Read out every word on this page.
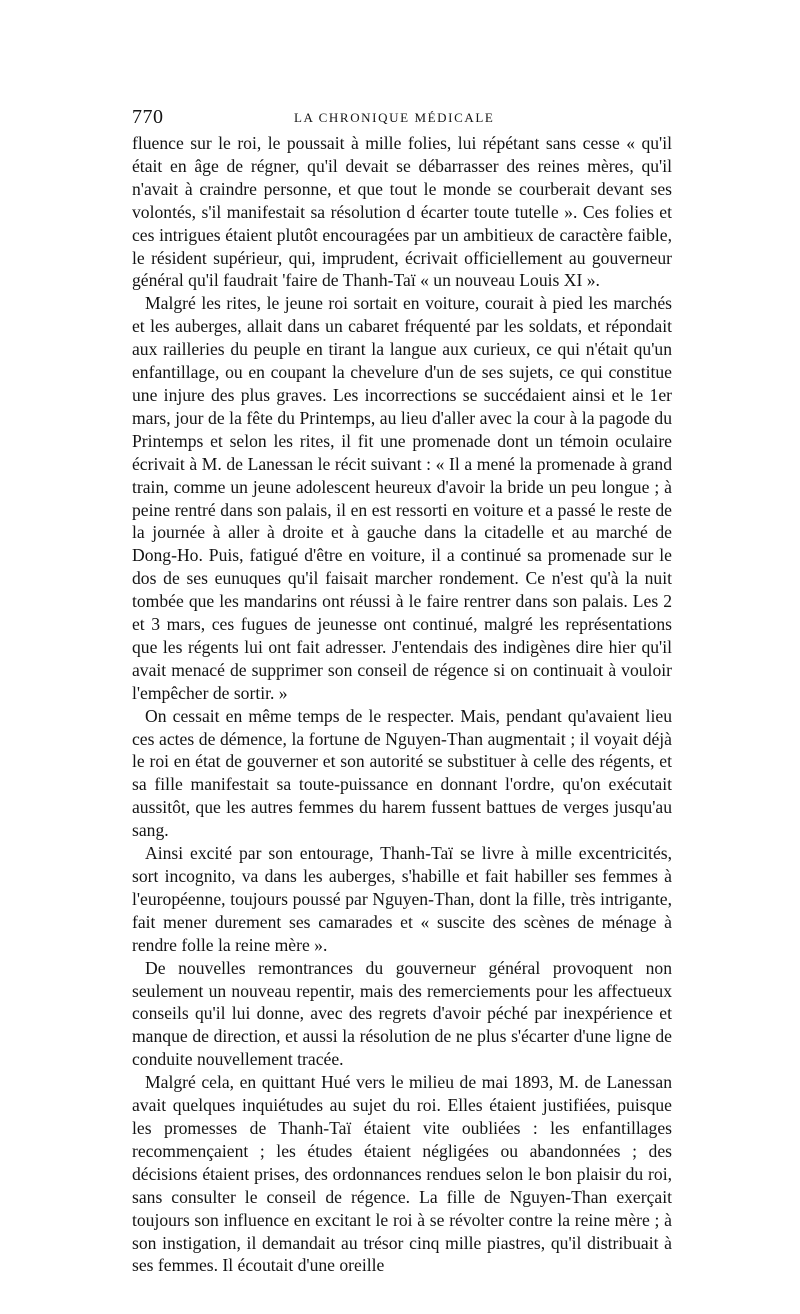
770	LA CHRONIQUE MÉDICALE

fluence sur le roi, le poussait à mille folies, lui répétant sans cesse « qu'il était en âge de régner, qu'il devait se débarrasser des reines mères, qu'il n'avait à craindre personne, et que tout le monde se courberait devant ses volontés, s'il manifestait sa résolution d écarter toute tutelle ». Ces folies et ces intrigues étaient plutôt encouragées par un ambitieux de caractère faible, le résident supérieur, qui, imprudent, écrivait officiellement au gouverneur général qu'il faudrait 'faire de Thanh-Taï « un nouveau Louis XI ».

Malgré les rites, le jeune roi sortait en voiture, courait à pied les marchés et les auberges, allait dans un cabaret fréquenté par les soldats, et répondait aux railleries du peuple en tirant la langue aux curieux, ce qui n'était qu'un enfantillage, ou en coupant la chevelure d'un de ses sujets, ce qui constitue une injure des plus graves. Les incorrections se succédaient ainsi et le 1er mars, jour de la fête du Printemps, au lieu d'aller avec la cour à la pagode du Printemps et selon les rites, il fit une promenade dont un témoin oculaire écrivait à M. de Lanessan le récit suivant : « Il a mené la promenade à grand train, comme un jeune adolescent heureux d'avoir la bride un peu longue ; à peine rentré dans son palais, il en est ressorti en voiture et a passé le reste de la journée à aller à droite et à gauche dans la citadelle et au marché de Dong-Ho. Puis, fatigué d'être en voiture, il a continué sa promenade sur le dos de ses eunuques qu'il faisait marcher rondement. Ce n'est qu'à la nuit tombée que les mandarins ont réussi à le faire rentrer dans son palais. Les 2 et 3 mars, ces fugues de jeunesse ont continué, malgré les représentations que les régents lui ont fait adresser. J'entendais des indigènes dire hier qu'il avait menacé de supprimer son conseil de régence si on continuait à vouloir l'empêcher de sortir. »

On cessait en même temps de le respecter. Mais, pendant qu'avaient lieu ces actes de démence, la fortune de Nguyen-Than augmentait ; il voyait déjà le roi en état de gouverner et son autorité se substituer à celle des régents, et sa fille manifestait sa toute-puissance en donnant l'ordre, qu'on exécutait aussitôt, que les autres femmes du harem fussent battues de verges jusqu'au sang.

Ainsi excité par son entourage, Thanh-Taï se livre à mille excentricités, sort incognito, va dans les auberges, s'habille et fait habiller ses femmes à l'européenne, toujours poussé par Nguyen-Than, dont la fille, très intrigante, fait mener durement ses camarades et « suscite des scènes de ménage à rendre folle la reine mère ».

De nouvelles remontrances du gouverneur général provoquent non seulement un nouveau repentir, mais des remerciements pour les affectueux conseils qu'il lui donne, avec des regrets d'avoir péché par inexpérience et manque de direction, et aussi la résolution de ne plus s'écarter d'une ligne de conduite nouvellement tracée.

Malgré cela, en quittant Hué vers le milieu de mai 1893, M. de Lanessan avait quelques inquiétudes au sujet du roi. Elles étaient justifiées, puisque les promesses de Thanh-Taï étaient vite oubliées : les enfantillages recommençaient ; les études étaient négligées ou abandonnées ; des décisions étaient prises, des ordonnances rendues selon le bon plaisir du roi, sans consulter le conseil de régence. La fille de Nguyen-Than exerçait toujours son influence en excitant le roi à se révolter contre la reine mère ; à son instigation, il demandait au trésor cinq mille piastres, qu'il distribuait à ses femmes. Il écoutait d'une oreille
